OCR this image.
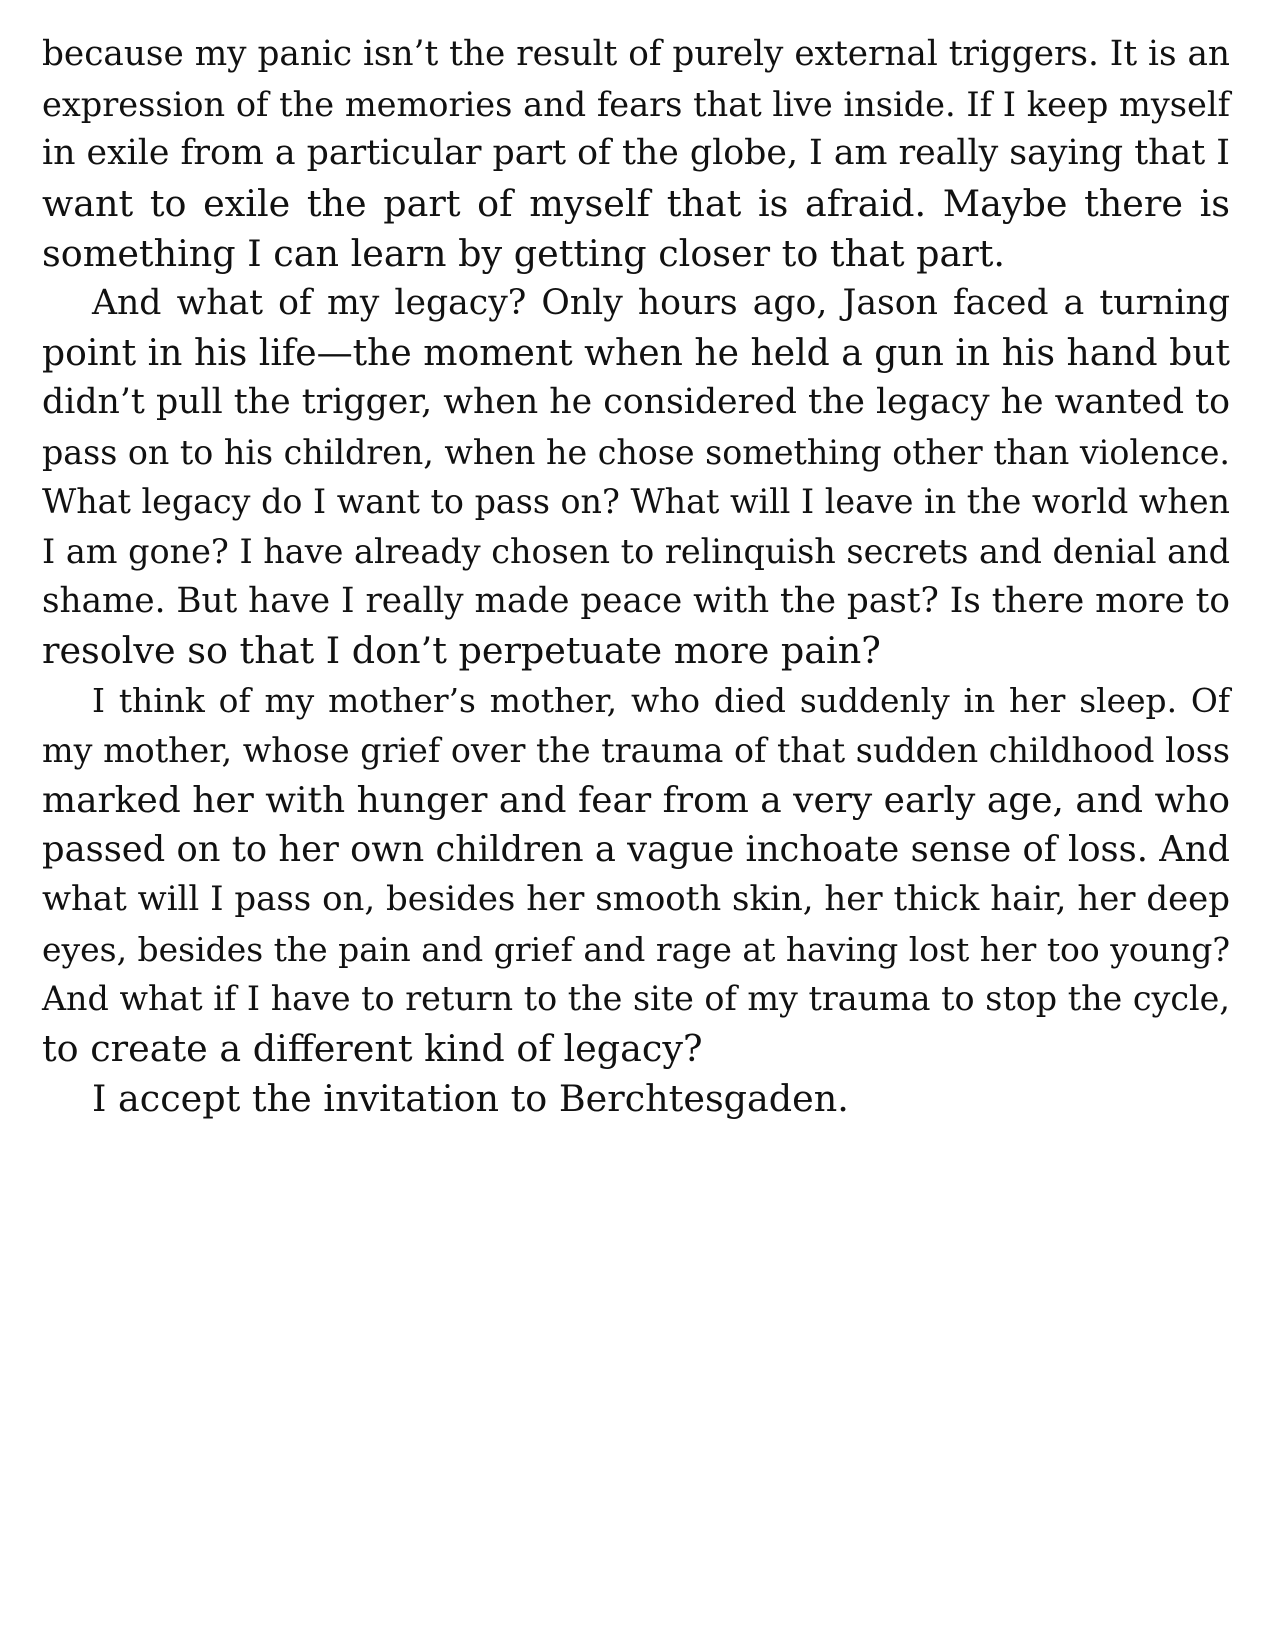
because my panic isn’t the result of purely external triggers. It is an
expression of the memories and fears that live inside. If I keep myself
in exile from a particular part of the globe, I am really saying that I
want to exile the part of myself that is afraid. Maybe there is
something I can learn by getting closer to that part.

And what of my legacy? Only hours ago, Jason faced a turning
point in his life—the moment when he held a gun in his hand but
didn’t pull the trigger, when he considered the legacy he wanted to
pass on to his children, when he chose something other than violence.
What legacy do I want to pass on? What will I leave in the world when
I am gone? I have already chosen to relinquish secrets and denial and
shame. But have I really made peace with the past? Is there more to
resolve so that I don’t perpetuate more pain?

I think of my mother’s mother, who died suddenly in her sleep. Of
my mother, whose grief over the trauma of that sudden childhood loss
marked her with hunger and fear from a very early age, and who
passed on to her own children a vague inchoate sense of loss. And
what will I pass on, besides her smooth skin, her thick hair, her deep
eyes, besides the pain and grief and rage at having lost her too young?
And what if I have to return to the site of my trauma to stop the cycle,
to create a different kind of legacy?

I accept the invitation to Berchtesgaden.
